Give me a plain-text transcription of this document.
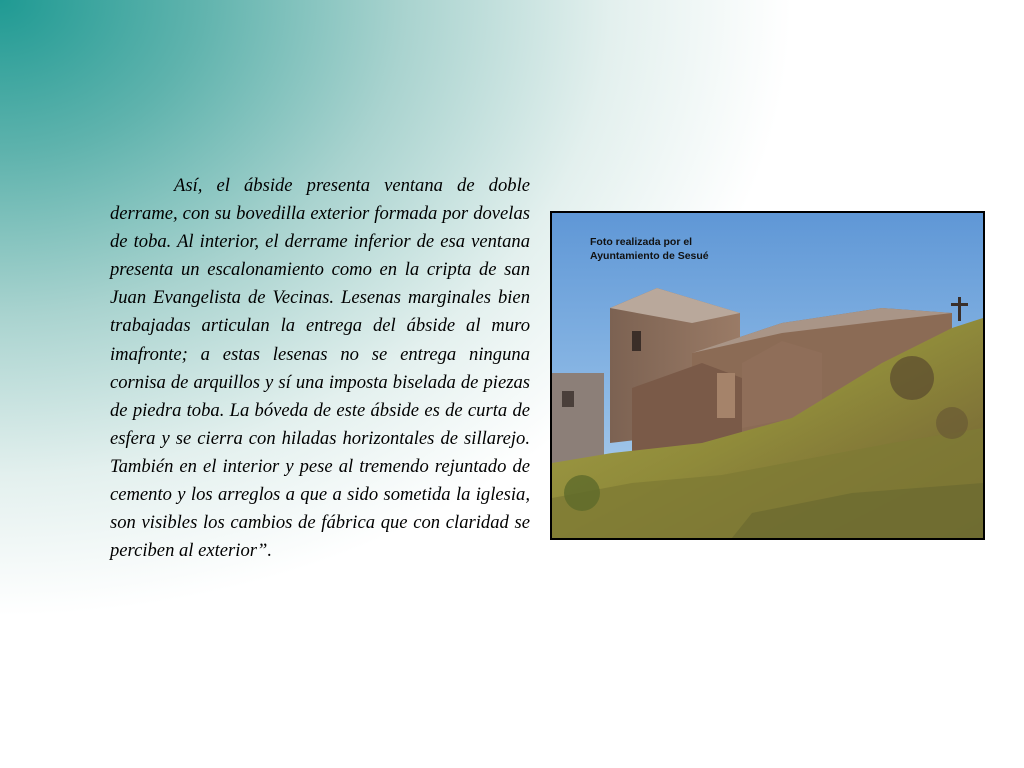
Así, el ábside presenta ventana de doble derrame, con su bovedilla exterior formada por dovelas de toba. Al interior, el derrame inferior de esa ventana presenta un escalonamiento como en la cripta de san Juan Evangelista de Vecinas. Lesenas marginales bien trabajadas articulan la entrega del ábside al muro imafronte; a estas lesenas no se entrega ninguna cornisa de arquillos y sí una imposta biselada de piezas de piedra toba. La bóveda de este ábside es de curta de esfera y se cierra con hiladas horizontales de sillarejo. También en el interior y pese al tremendo rejuntado de cemento y los arreglos a que a sido sometida la iglesia, son visibles los cambios de fábrica que con claridad se perciben al exterior”.

Foto realizada por el
Ayuntamiento de Sesué
